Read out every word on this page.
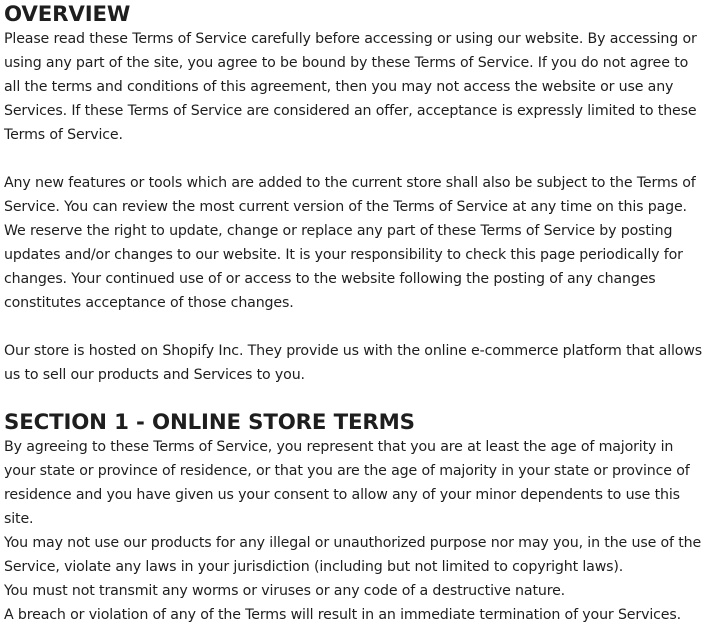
OVERVIEW

Please read these Terms of Service carefully before accessing or using our website. By accessing or using any part of the site, you agree to be bound by these Terms of Service. If you do not agree to all the terms and conditions of this agreement, then you may not access the website or use any Services. If these Terms of Service are considered an offer, acceptance is expressly limited to these Terms of Service.

Any new features or tools which are added to the current store shall also be subject to the Terms of Service. You can review the most current version of the Terms of Service at any time on this page. We reserve the right to update, change or replace any part of these Terms of Service by posting updates and/or changes to our website. It is your responsibility to check this page periodically for changes. Your continued use of or access to the website following the posting of any changes constitutes acceptance of those changes.

Our store is hosted on Shopify Inc. They provide us with the online e-commerce platform that allows us to sell our products and Services to you.

SECTION 1 - ONLINE STORE TERMS

By agreeing to these Terms of Service, you represent that you are at least the age of majority in your state or province of residence, or that you are the age of majority in your state or province of residence and you have given us your consent to allow any of your minor dependents to use this site.

You may not use our products for any illegal or unauthorized purpose nor may you, in the use of the Service, violate any laws in your jurisdiction (including but not limited to copyright laws).

You must not transmit any worms or viruses or any code of a destructive nature.

A breach or violation of any of the Terms will result in an immediate termination of your Services.
